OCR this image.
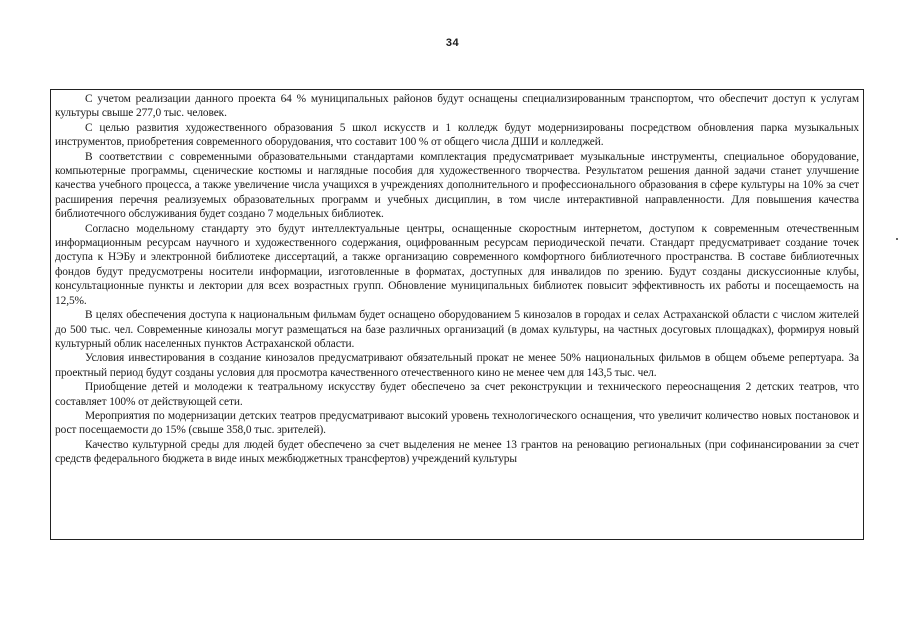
34

С учетом реализации данного проекта 64 % муниципальных районов будут оснащены специализированным транспортом, что обеспечит доступ к услугам культуры свыше 277,0 тыс. человек.

С целью развития художественного образования 5 школ искусств и 1 колледж будут модернизированы посредством обновления парка музыкальных инструментов, приобретения современного оборудования, что составит 100 % от общего числа ДШИ и колледжей.

В соответствии с современными образовательными стандартами комплектация предусматривает музыкальные инструменты, специальное оборудование, компьютерные программы, сценические костюмы и наглядные пособия для художественного творчества. Результатом решения данной задачи станет улучшение качества учебного процесса, а также увеличение числа учащихся в учреждениях дополнительного и профессионального образования в сфере культуры на 10% за счет расширения перечня реализуемых образовательных программ и учебных дисциплин, в том числе интерактивной направленности. Для повышения качества библиотечного обслуживания будет создано 7 модельных библиотек.

Согласно модельному стандарту это будут интеллектуальные центры, оснащенные скоростным интернетом, доступом к современным отечественным информационным ресурсам научного и художественного содержания, оцифрованным ресурсам периодической печати. Стандарт предусматривает создание точек доступа к НЭБу и электронной библиотеке диссертаций, а также организацию современного комфортного библиотечного пространства. В составе библиотечных фондов будут предусмотрены носители информации, изготовленные в форматах, доступных для инвалидов по зрению. Будут созданы дискуссионные клубы, консультационные пункты и лектории для всех возрастных групп. Обновление муниципальных библиотек повысит эффективность их работы и посещаемость на 12,5%.

В целях обеспечения доступа к национальным фильмам будет оснащено оборудованием 5 кинозалов в городах и селах Астраханской области с числом жителей до 500 тыс. чел. Современные кинозалы могут размещаться на базе различных организаций (в домах культуры, на частных досуговых площадках), формируя новый культурный облик населенных пунктов Астраханской области.

Условия инвестирования в создание кинозалов предусматривают обязательный прокат не менее 50% национальных фильмов в общем объеме репертуара. За проектный период будут созданы условия для просмотра качественного отечественного кино не менее чем для 143,5 тыс. чел.

Приобщение детей и молодежи к театральному искусству будет обеспечено за счет реконструкции и технического переоснащения 2 детских театров, что составляет 100% от действующей сети.

Мероприятия по модернизации детских театров предусматривают высокий уровень технологического оснащения, что увеличит количество новых постановок и рост посещаемости до 15% (свыше 358,0 тыс. зрителей).

Качество культурной среды для людей будет обеспечено за счет выделения не менее 13 грантов на реновацию региональных (при софинансировании за счет средств федерального бюджета в виде иных межбюджетных трансфертов) учреждений культуры
